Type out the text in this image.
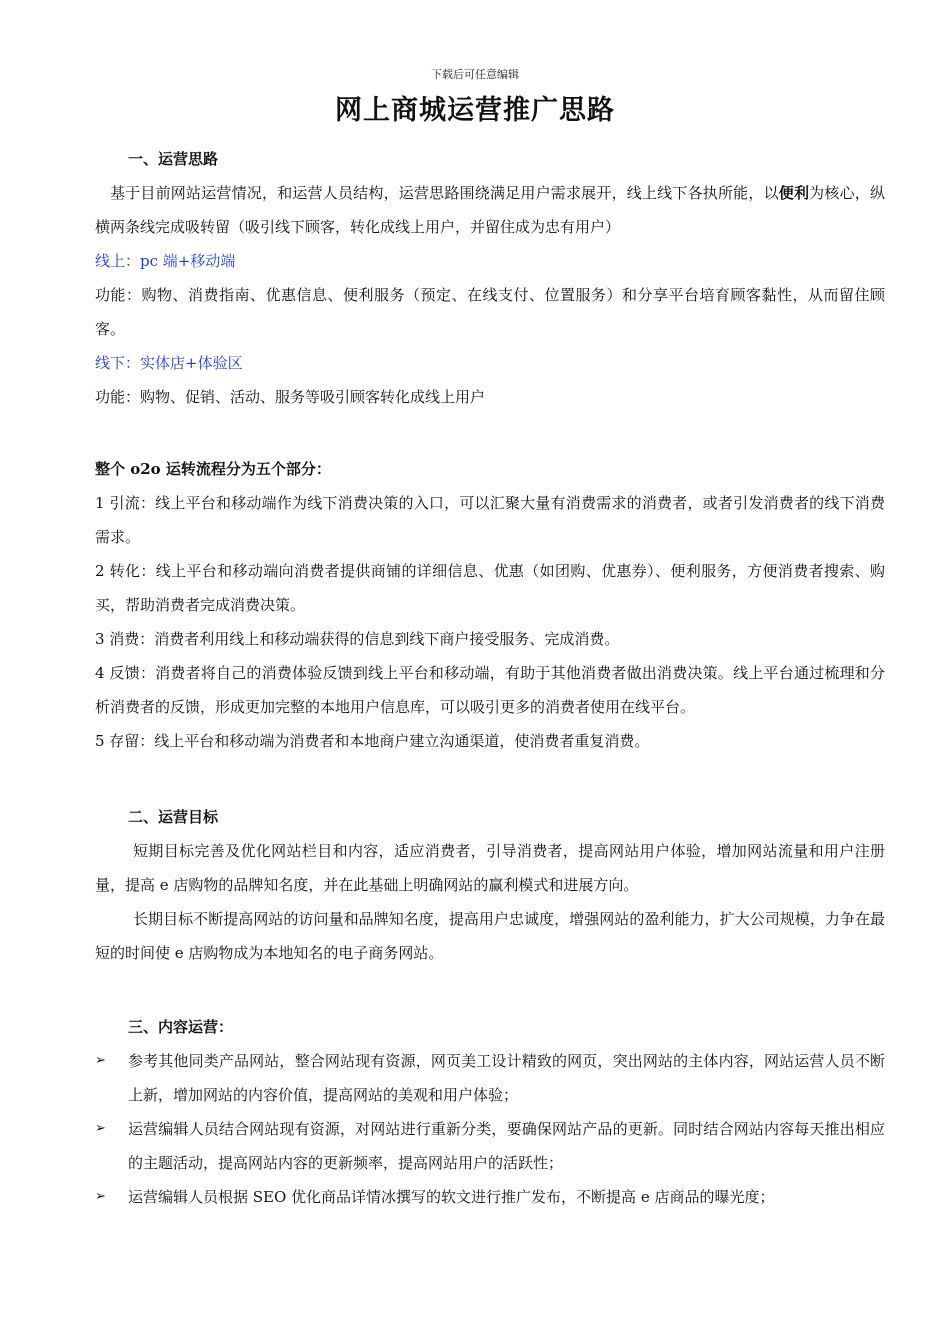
下载后可任意编辑
网上商城运营推广思路

一、运营思路

基于目前网站运营情况，和运营人员结构，运营思路围绕满足用户需求展开，线上线下各执所能，以便利为核心，纵横两条线完成吸转留（吸引线下顾客，转化成线上用户，并留住成为忠有用户）

线上：pc 端+移动端

功能：购物、消费指南、优惠信息、便利服务（预定、在线支付、位置服务）和分享平台培育顾客黏性，从而留住顾客。

线下：实体店+体验区

功能：购物、促销、活动、服务等吸引顾客转化成线上用户

整个 o2o 运转流程分为五个部分：

1 引流：线上平台和移动端作为线下消费决策的入口，可以汇聚大量有消费需求的消费者，或者引发消费者的线下消费需求。

2 转化：线上平台和移动端向消费者提供商铺的详细信息、优惠（如团购、优惠券）、便利服务，方便消费者搜索、购买，帮助消费者完成消费决策。

3 消费：消费者利用线上和移动端获得的信息到线下商户接受服务、完成消费。

4 反馈：消费者将自己的消费体验反馈到线上平台和移动端，有助于其他消费者做出消费决策。线上平台通过梳理和分析消费者的反馈，形成更加完整的本地用户信息库，可以吸引更多的消费者使用在线平台。

5 存留：线上平台和移动端为消费者和本地商户建立沟通渠道，使消费者重复消费。

二、运营目标

短期目标完善及优化网站栏目和内容，适应消费者，引导消费者，提高网站用户体验，增加网站流量和用户注册量，提高 e 店购物的品牌知名度，并在此基础上明确网站的赢利模式和进展方向。

长期目标不断提高网站的访问量和品牌知名度，提高用户忠诚度，增强网站的盈利能力，扩大公司规模，力争在最短的时间使 e 店购物成为本地知名的电子商务网站。

三、内容运营：

➢	参考其他同类产品网站，整合网站现有资源，网页美工设计精致的网页，突出网站的主体内容，网站运营人员不断上新，增加网站的内容价值，提高网站的美观和用户体验；

➢	运营编辑人员结合网站现有资源，对网站进行重新分类，要确保网站产品的更新。同时结合网站内容每天推出相应的主题活动，提高网站内容的更新频率，提高网站用户的活跃性；

➢	运营编辑人员根据 SEO 优化商品详情冰撰写的软文进行推广发布，不断提高 e 店商品的曝光度；
